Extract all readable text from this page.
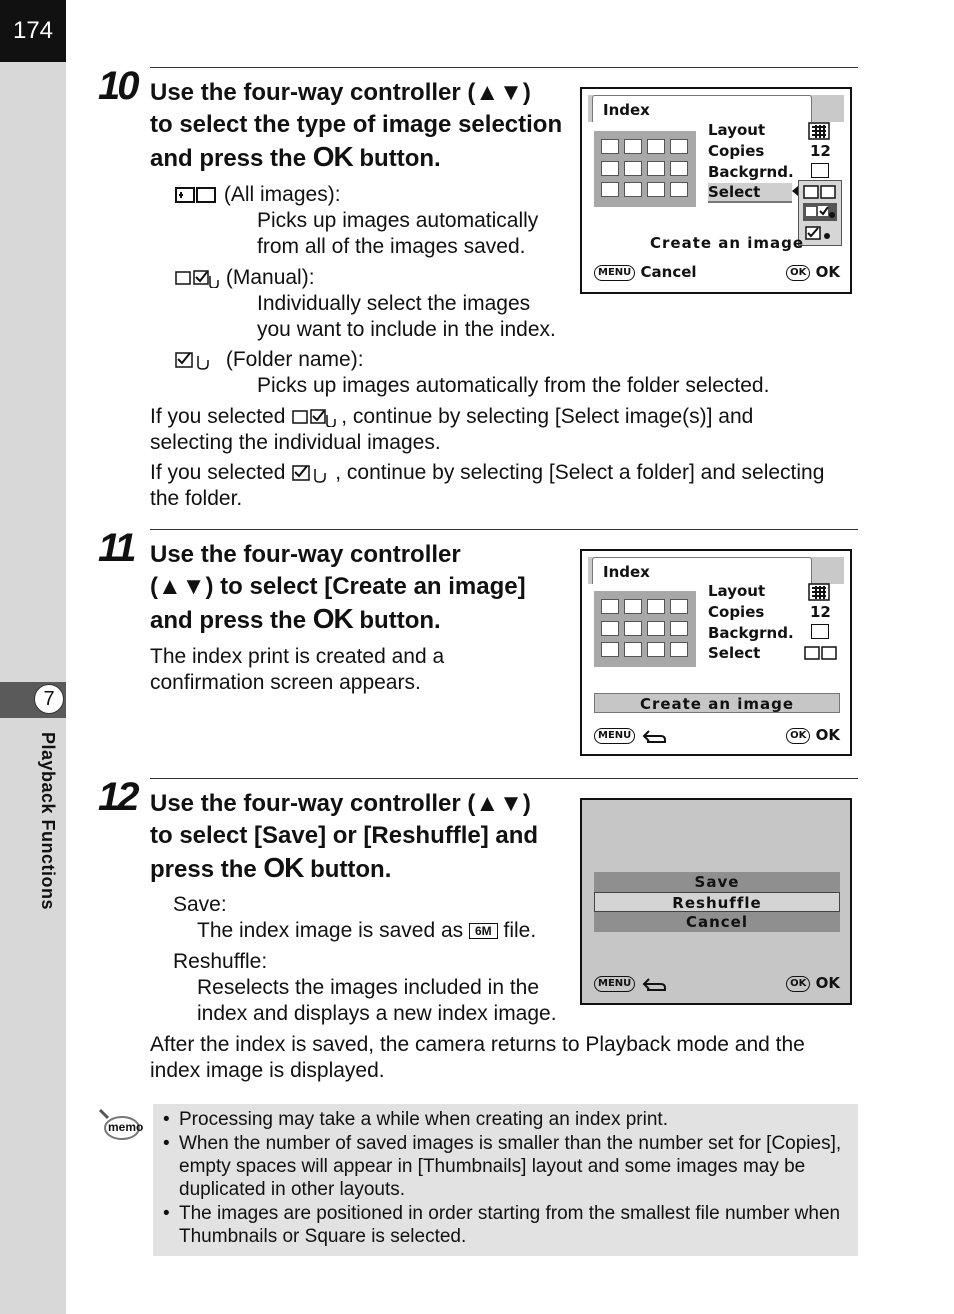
174
7
Playback Functions
10 Use the four-way controller (▲▼)
to select the type of image selection
and press the OK button.
(All images):
Picks up images automatically
from all of the images saved.
(Manual):
Individually select the images
you want to include in the index.
(Folder name):
Picks up images automatically from the folder selected.
If you selected	, continue by selecting [Select image(s)] and
selecting the individual images.
If you selected , continue by selecting [Select a folder] and selecting
the folder.
Index
Layout
Copies
Backgrnd.
Select
12
Create an image
MENU Cancel	OK OK
11 Use the four-way controller
(▲▼) to select [Create an image]
and press the OK button.
The index print is created and a
confirmation screen appears.
Index
Layout
Copies
Backgrnd.
Select
12
Create an image
MENU	OK OK
12 Use the four-way controller (▲▼)
to select [Save] or [Reshuffle] and
press the OK button.
Save:
The index image is saved as 6M file.
Reshuffle:
Reselects the images included in the
index and displays a new index image.
After the index is saved, the camera returns to Playback mode and the
index image is displayed.
Save
Reshuffle
Cancel
MENU	OK OK
memo
• Processing may take a while when creating an index print.
• When the number of saved images is smaller than the number set for [Copies], empty spaces will appear in [Thumbnails] layout and some images may be duplicated in other layouts.
• The images are positioned in order starting from the smallest file number when Thumbnails or Square is selected.
